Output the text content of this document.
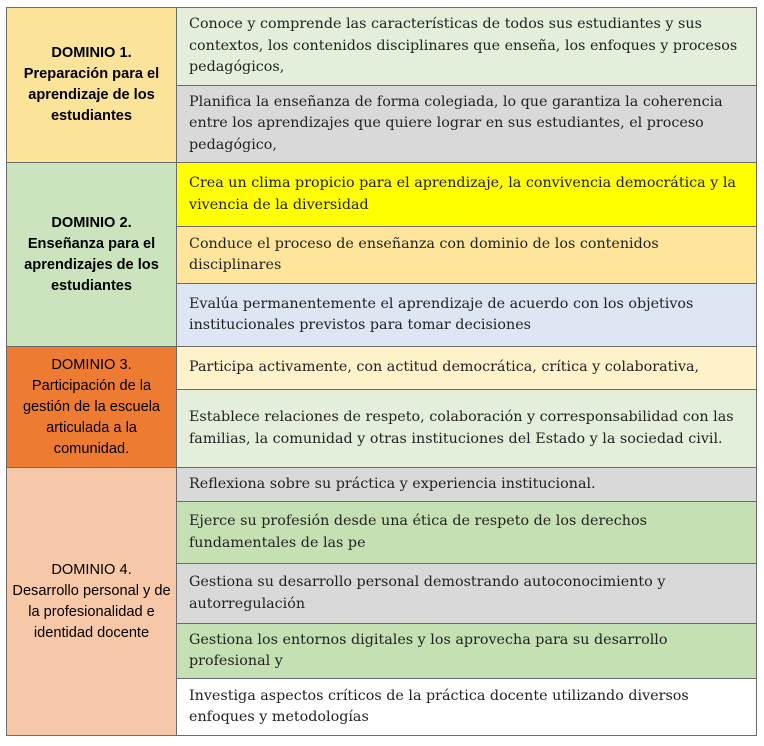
DOMINIO 1.
Preparación para el aprendizaje de los estudiantes	Conoce y comprende las características de todos sus estudiantes y sus contextos, los contenidos disciplinares que enseña, los enfoques y procesos pedagógicos,
	Planifica la enseñanza de forma colegiada, lo que garantiza la coherencia entre los aprendizajes que quiere lograr en sus estudiantes, el proceso pedagógico,

DOMINIO 2.
Enseñanza para el aprendizajes de los estudiantes	Crea un clima propicio para el aprendizaje, la convivencia democrática y la vivencia de la diversidad
	Conduce el proceso de enseñanza con dominio de los contenidos disciplinares
	Evalúa permanentemente el aprendizaje de acuerdo con los objetivos institucionales previstos para tomar decisiones

DOMINIO 3.
Participación de la gestión de la escuela articulada a la comunidad.	Participa activamente, con actitud democrática, crítica y colaborativa,
	Establece relaciones de respeto, colaboración y corresponsabilidad con las familias, la comunidad y otras instituciones del Estado y la sociedad civil.

DOMINIO 4.
Desarrollo personal y de la profesionalidad e identidad docente	Reflexiona sobre su práctica y experiencia institucional.
	Ejerce su profesión desde una ética de respeto de los derechos fundamentales de las pe
	Gestiona su desarrollo personal demostrando autoconocimiento y autorregulación
	Gestiona los entornos digitales y los aprovecha para su desarrollo profesional y
	Investiga aspectos críticos de la práctica docente utilizando diversos enfoques y metodologías
